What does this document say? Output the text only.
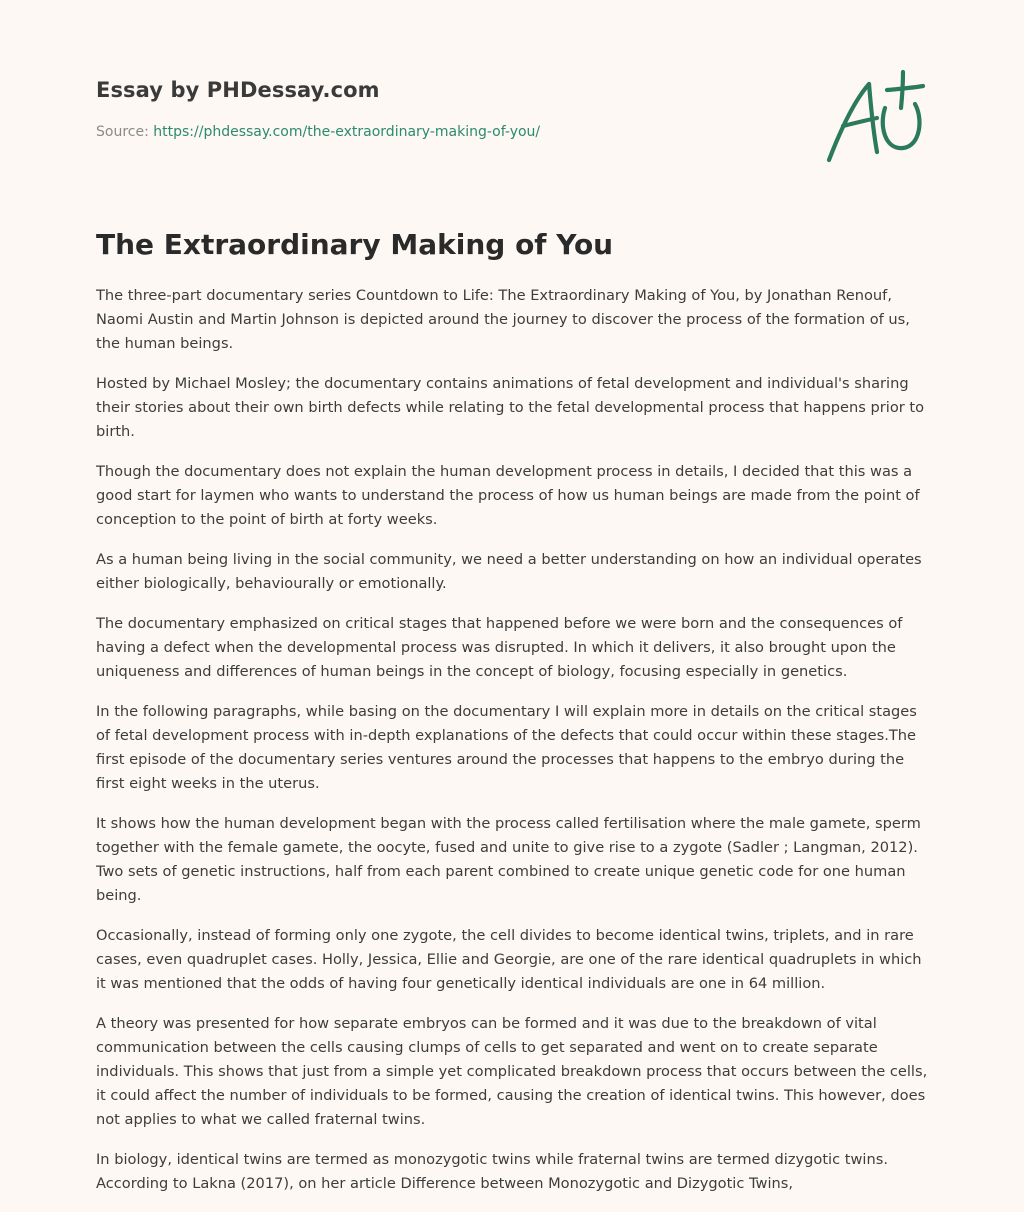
Essay by PHDessay.com
Source: https://phdessay.com/the-extraordinary-making-of-you/
The Extraordinary Making of You

The three-part documentary series Countdown to Life: The Extraordinary Making of You, by Jonathan Renouf, Naomi Austin and Martin Johnson is depicted around the journey to discover the process of the formation of us, the human beings.

Hosted by Michael Mosley; the documentary contains animations of fetal development and individual's sharing their stories about their own birth defects while relating to the fetal developmental process that happens prior to birth.

Though the documentary does not explain the human development process in details, I decided that this was a good start for laymen who wants to understand the process of how us human beings are made from the point of conception to the point of birth at forty weeks.

As a human being living in the social community, we need a better understanding on how an individual operates either biologically, behaviourally or emotionally.

The documentary emphasized on critical stages that happened before we were born and the consequences of having a defect when the developmental process was disrupted. In which it delivers, it also brought upon the uniqueness and differences of human beings in the concept of biology, focusing especially in genetics.

In the following paragraphs, while basing on the documentary I will explain more in details on the critical stages of fetal development process with in-depth explanations of the defects that could occur within these stages.The first episode of the documentary series ventures around the processes that happens to the embryo during the first eight weeks in the uterus.

It shows how the human development began with the process called fertilisation where the male gamete, sperm together with the female gamete, the oocyte, fused and unite to give rise to a zygote (Sadler ; Langman, 2012). Two sets of genetic instructions, half from each parent combined to create unique genetic code for one human being.

Occasionally, instead of forming only one zygote, the cell divides to become identical twins, triplets, and in rare cases, even quadruplet cases. Holly, Jessica, Ellie and Georgie, are one of the rare identical quadruplets in which it was mentioned that the odds of having four genetically identical individuals are one in 64 million.

A theory was presented for how separate embryos can be formed and it was due to the breakdown of vital communication between the cells causing clumps of cells to get separated and went on to create separate individuals. This shows that just from a simple yet complicated breakdown process that occurs between the cells, it could affect the number of individuals to be formed, causing the creation of identical twins. This however, does not applies to what we called fraternal twins.

In biology, identical twins are termed as monozygotic twins while fraternal twins are termed dizygotic twins. According to Lakna (2017), on her article Difference between Monozygotic and Dizygotic Twins,
